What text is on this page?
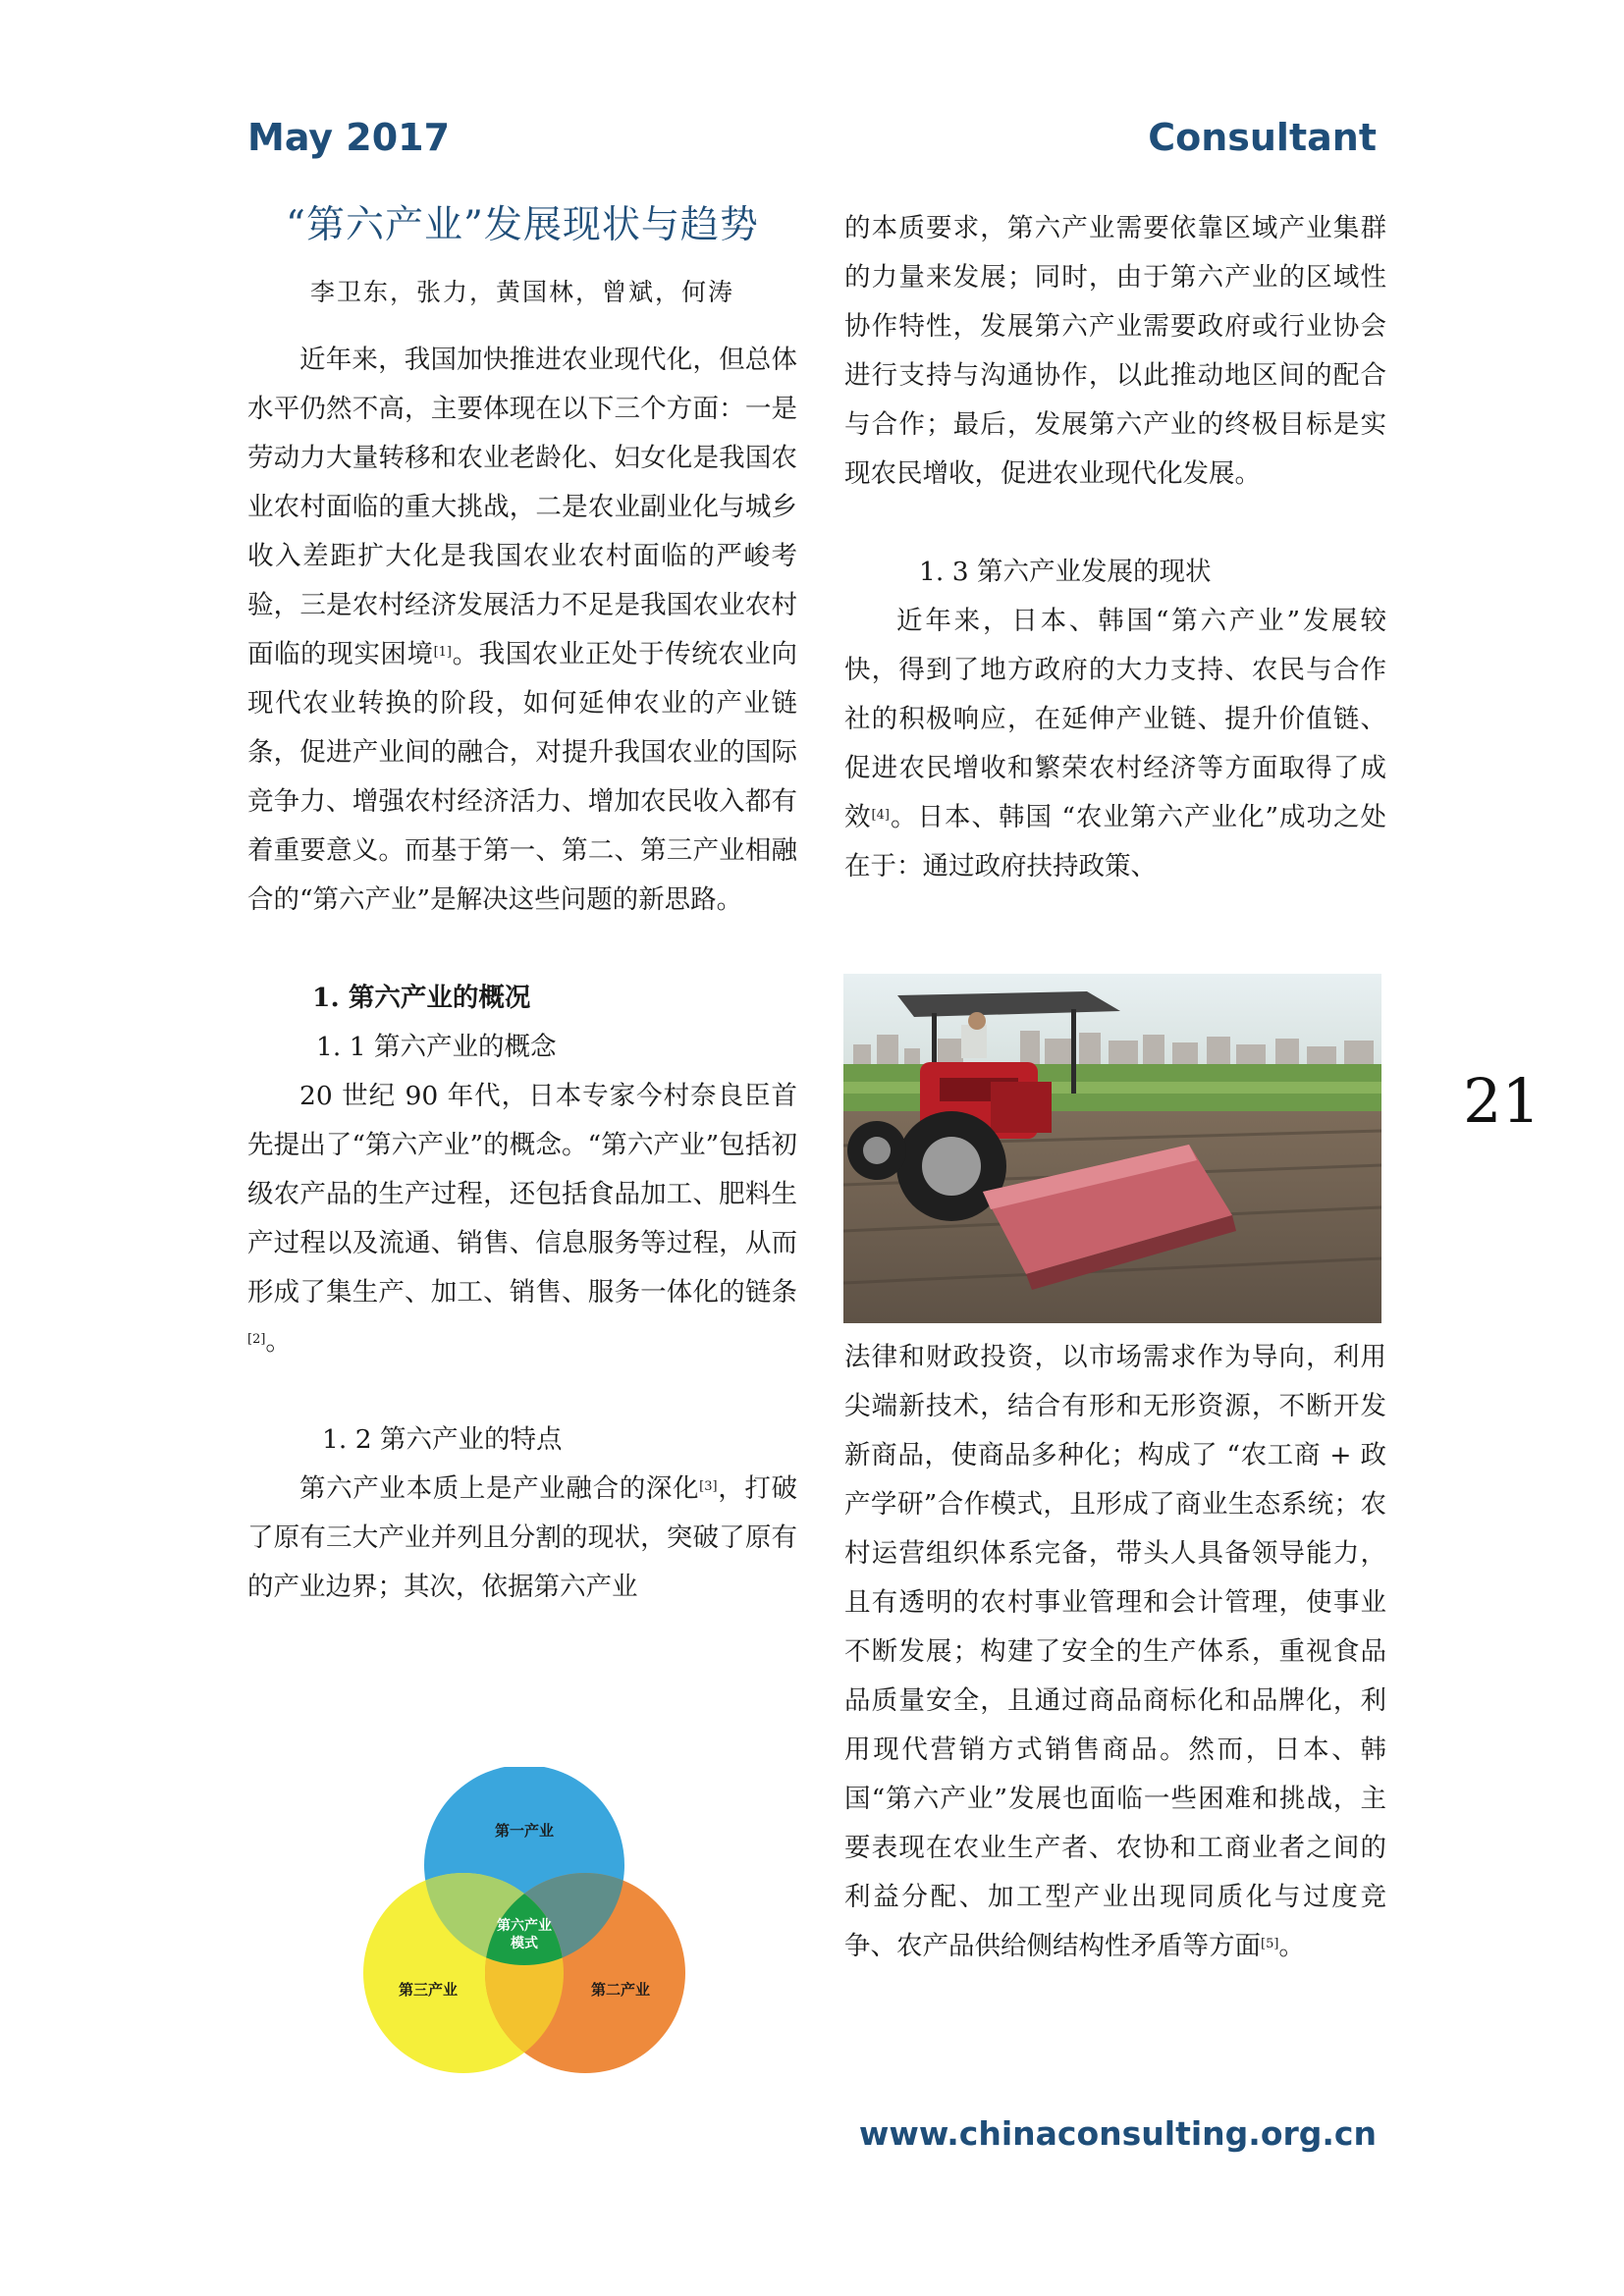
May 2017	Consultant
“第六产业”发展现状与趋势
李卫东，张力，黄国林，曾斌，何涛

近年来，我国加快推进农业现代化，但总体水平仍然不高，主要体现在以下三个方面：一是劳动力大量转移和农业老龄化、妇女化是我国农业农村面临的重大挑战，二是农业副业化与城乡收入差距扩大化是我国农业农村面临的严峻考验，三是农村经济发展活力不足是我国农业农村面临的现实困境[1]。我国农业正处于传统农业向现代农业转换的阶段，如何延伸农业的产业链条，促进产业间的融合，对提升我国农业的国际竞争力、增强农村经济活力、增加农民收入都有着重要意义。而基于第一、第二、第三产业相融合的“第六产业”是解决这些问题的新思路。

1. 第六产业的概况
1. 1 第六产业的概念

20 世纪 90 年代，日本专家今村奈良臣首先提出了“第六产业”的概念。“第六产业”包括初级农产品的生产过程，还包括食品加工、肥料生产过程以及流通、销售、信息服务等过程，从而形成了集生产、加工、销售、服务一体化的链条[2]。

1. 2 第六产业的特点

第六产业本质上是产业融合的深化[3]，打破了原有三大产业并列且分割的现状，突破了原有的产业边界；其次，依据第六产业

第一产业
第三产业	第二产业
第六产业
模式

的本质要求，第六产业需要依靠区域产业集群的力量来发展；同时，由于第六产业的区域性协作特性，发展第六产业需要政府或行业协会进行支持与沟通协作，以此推动地区间的配合与合作；最后，发展第六产业的终极目标是实现农民增收，促进农业现代化发展。

1. 3 第六产业发展的现状

近年来，日本、韩国“第六产业”发展较快，得到了地方政府的大力支持、农民与合作社的积极响应，在延伸产业链、提升价值链、促进农民增收和繁荣农村经济等方面取得了成效[4]。日本、韩国 “农业第六产业化”成功之处在于：通过政府扶持政策、

法律和财政投资，以市场需求作为导向，利用尖端新技术，结合有形和无形资源，不断开发新商品，使商品多种化；构成了 “农工商 + 政产学研”合作模式，且形成了商业生态系统；农村运营组织体系完备，带头人具备领导能力，且有透明的农村事业管理和会计管理，使事业不断发展；构建了安全的生产体系，重视食品品质量安全，且通过商品商标化和品牌化，利用现代营销方式销售商品。然而，日本、韩国“第六产业”发展也面临一些困难和挑战，主要表现在农业生产者、农协和工商业者之间的利益分配、加工型产业出现同质化与过度竞争、农产品供给侧结构性矛盾等方面[5]。

21
www.chinaconsulting.org.cn
